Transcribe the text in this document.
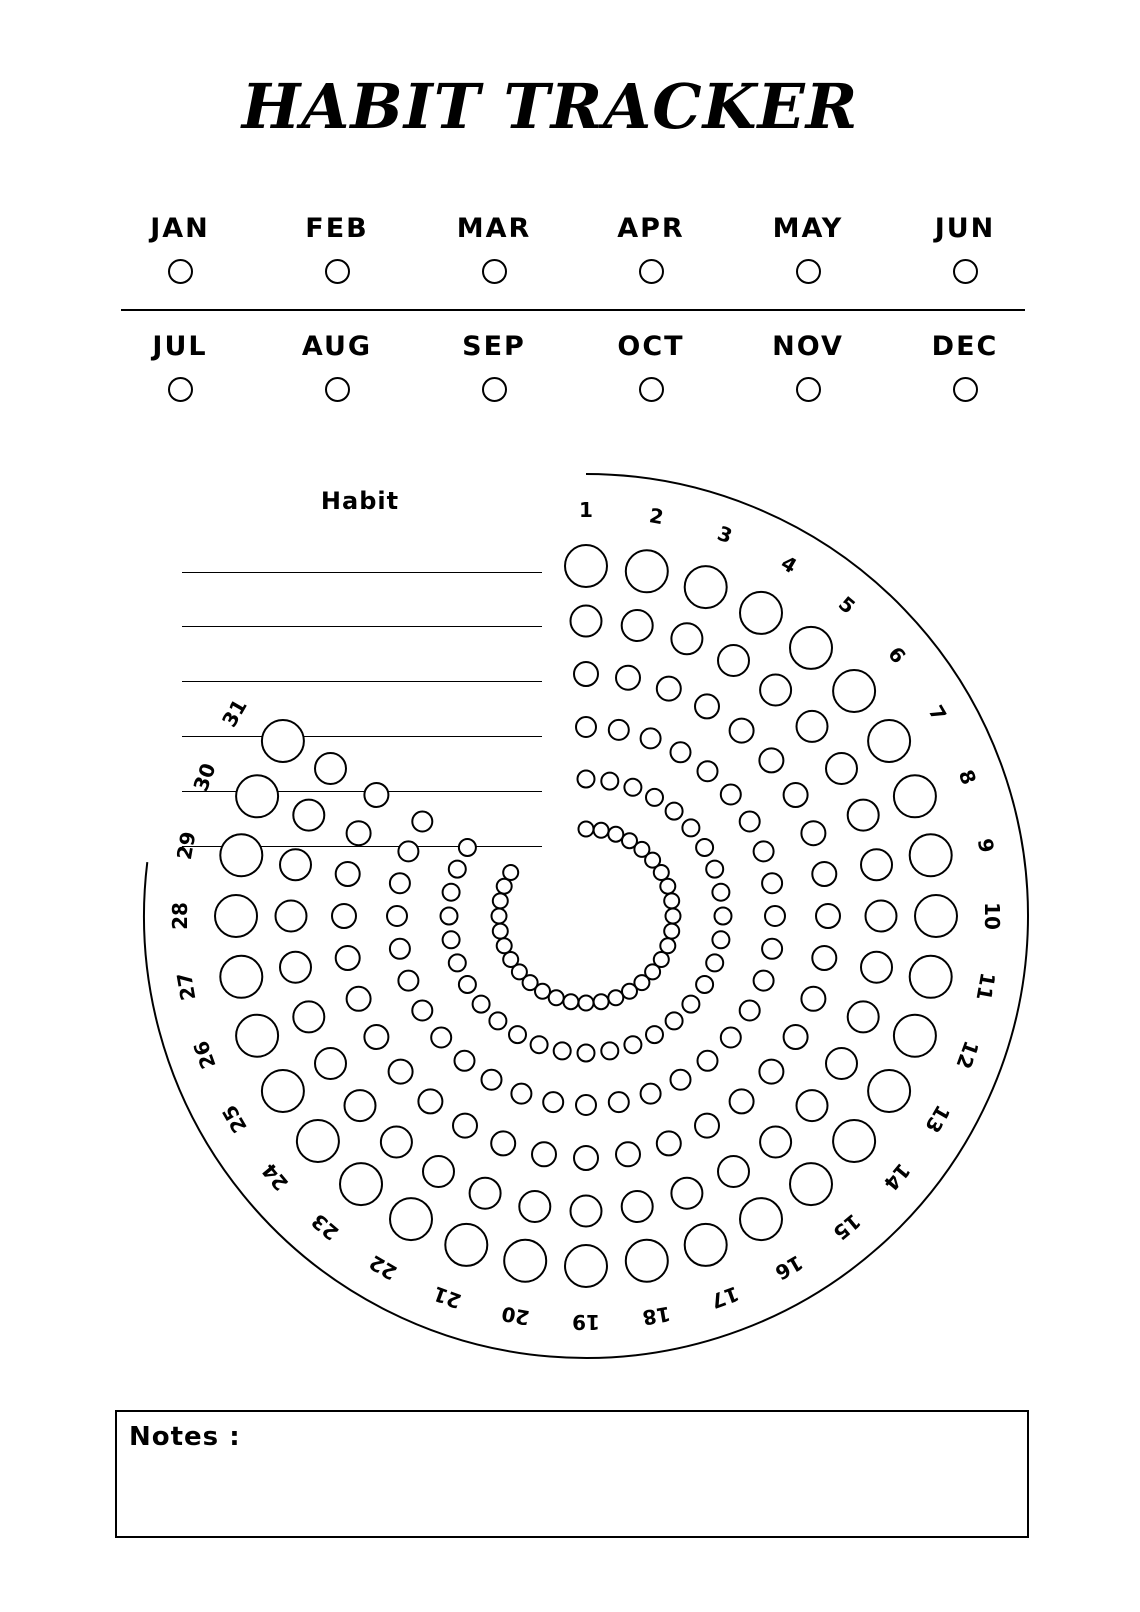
HABIT TRACKER
JAN	FEB	MAR	APR	MAY	JUN
JUL	AUG	SEP	OCT	NOV	DEC
Habit	1	2
3
4
5
6
7
8
9
10
11
12
13
14
15
16
17
18
19
20
21
22
23
24
25
26
27
28
29
30
31
Notes :
